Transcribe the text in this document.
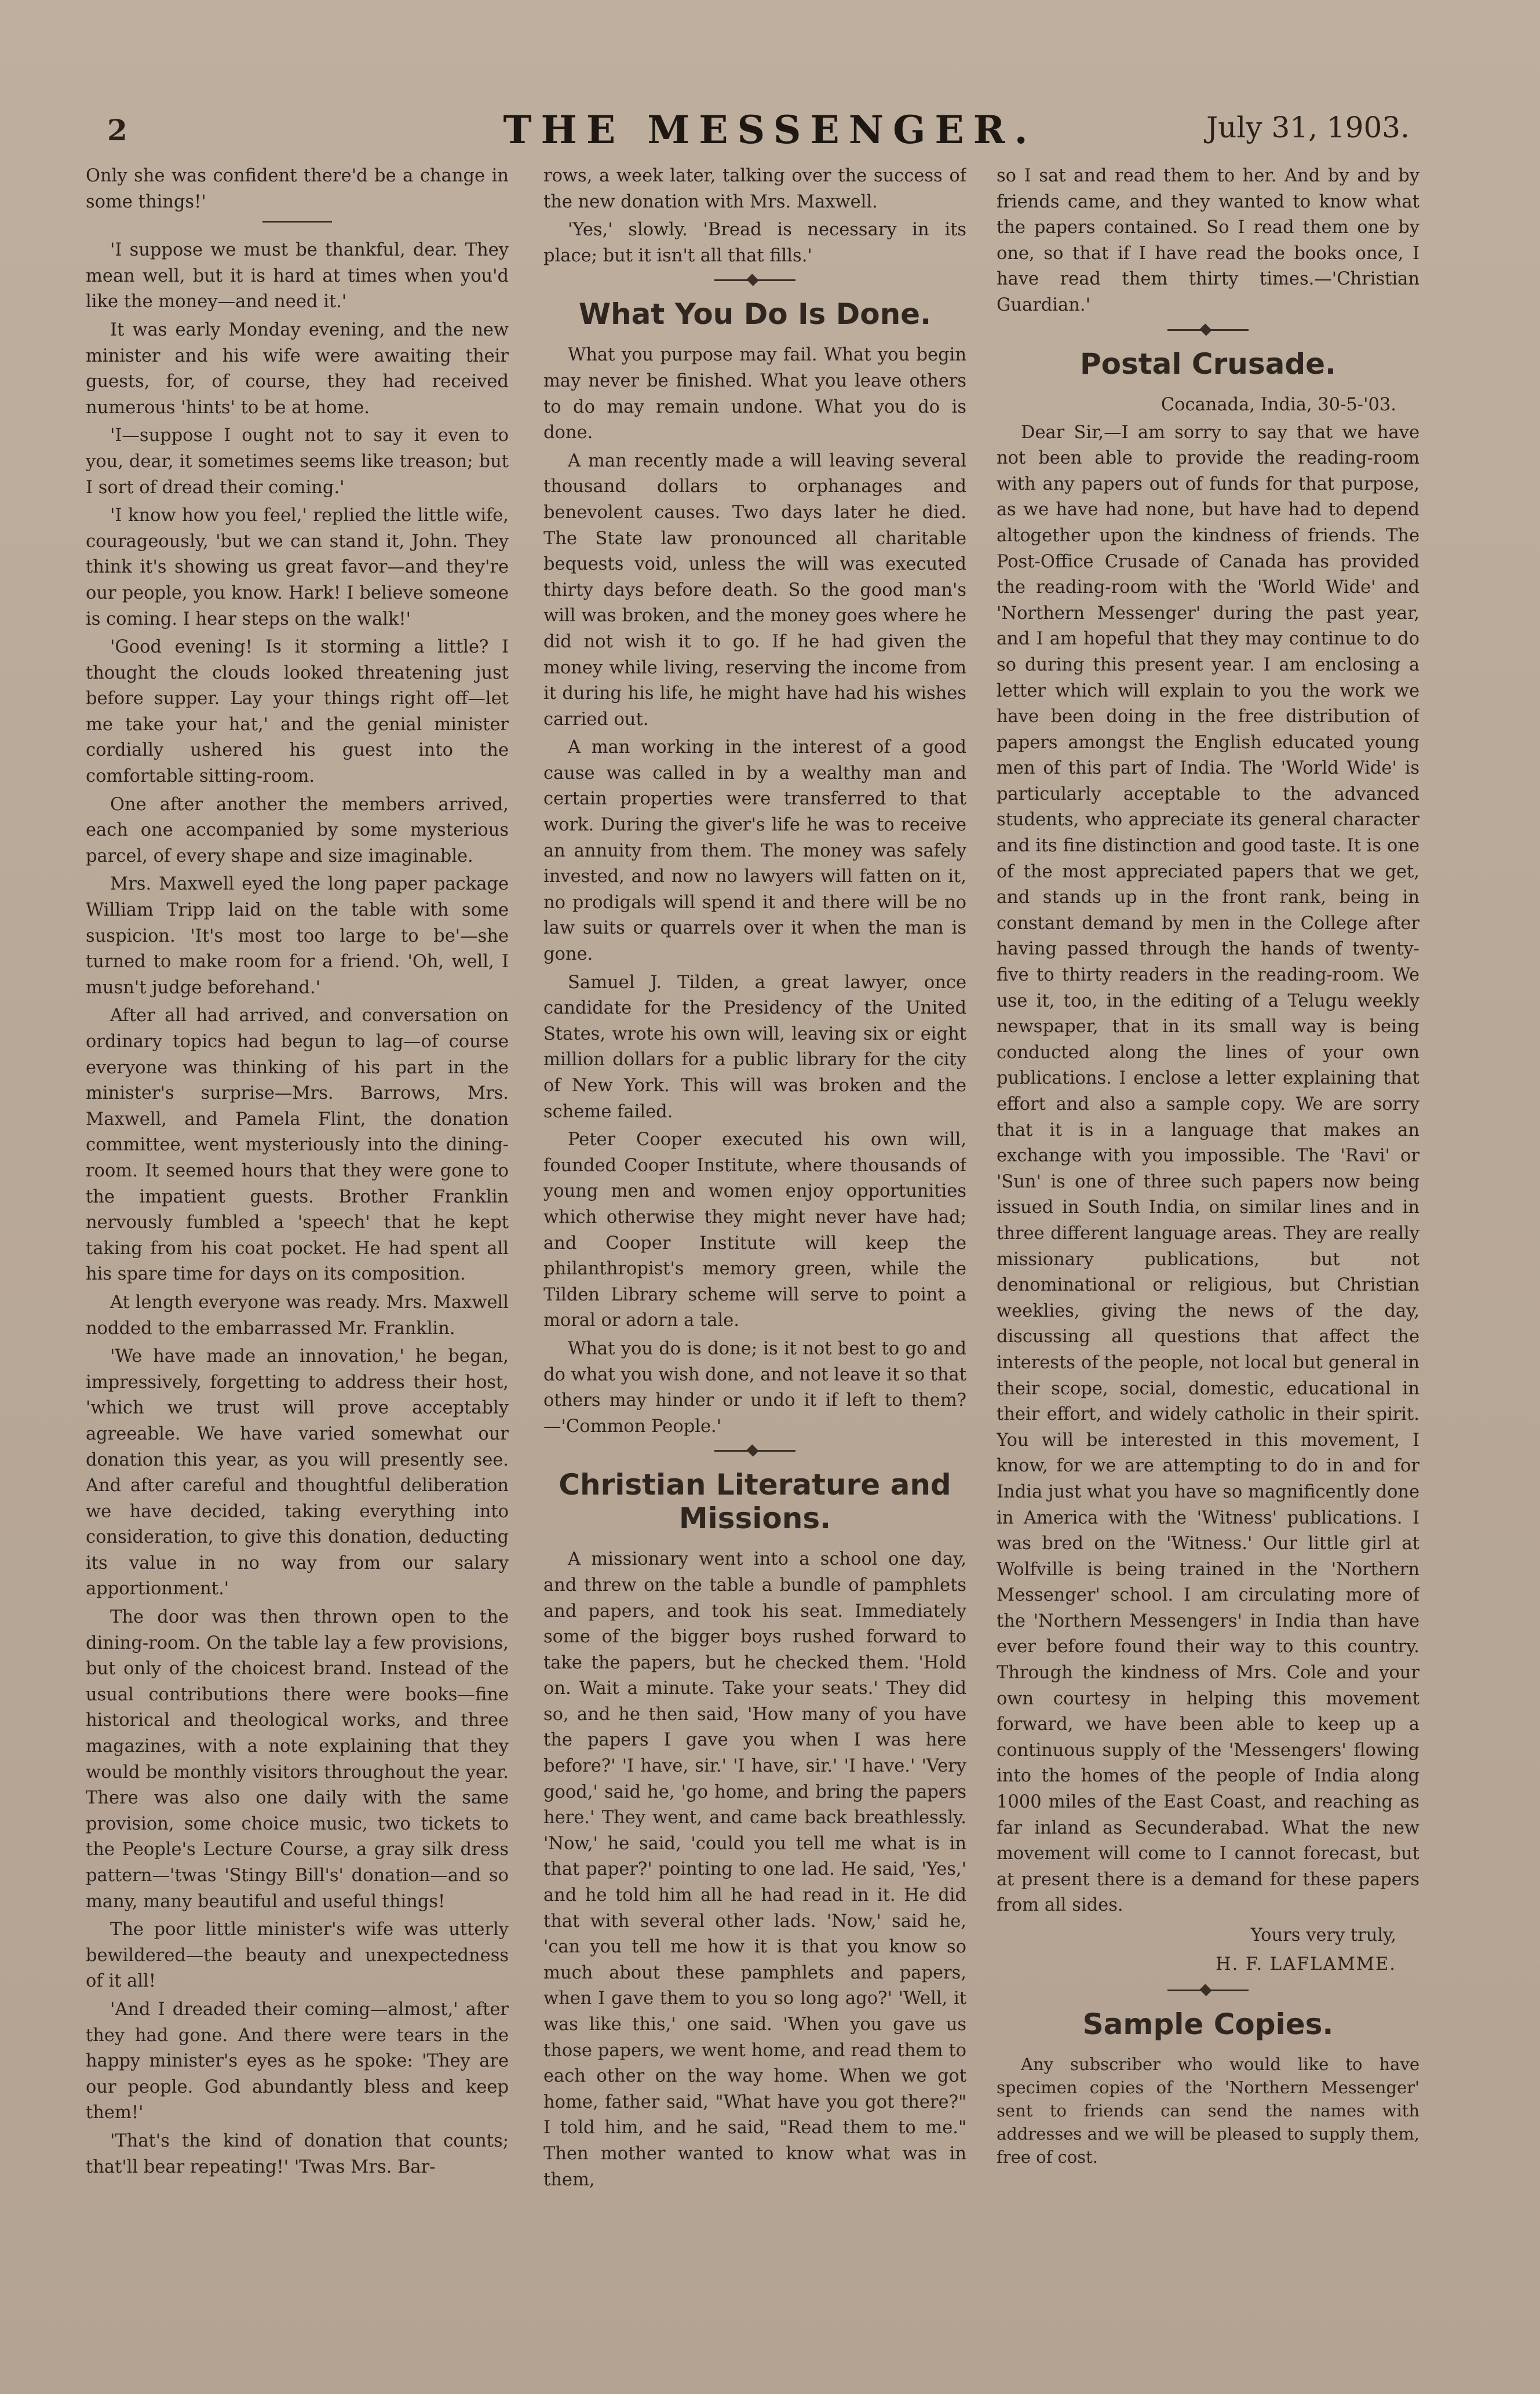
2	THE MESSENGER.	July 31, 1903.

Only she was confident there'd be a change in some things!'

'I suppose we must be thankful, dear. They mean well, but it is hard at times when you'd like the money—and need it.'

It was early Monday evening, and the new minister and his wife were awaiting their guests, for, of course, they had received numerous 'hints' to be at home.

'I—suppose I ought not to say it even to you, dear, it sometimes seems like treason; but I sort of dread their coming.'

'I know how you feel,' replied the little wife, courageously, 'but we can stand it, John. They think it's showing us great favor—and they're our people, you know. Hark! I believe someone is coming. I hear steps on the walk!'

'Good evening! Is it storming a little? I thought the clouds looked threatening just before supper. Lay your things right off—let me take your hat,' and the genial minister cordially ushered his guest into the comfortable sitting-room.

One after another the members arrived, each one accompanied by some mysterious parcel, of every shape and size imaginable.

Mrs. Maxwell eyed the long paper package William Tripp laid on the table with some suspicion. 'It's most too large to be'—she turned to make room for a friend. 'Oh, well, I musn't judge beforehand.'

After all had arrived, and conversation on ordinary topics had begun to lag—of course everyone was thinking of his part in the minister's surprise—Mrs. Barrows, Mrs. Maxwell, and Pamela Flint, the donation committee, went mysteriously into the dining-room. It seemed hours that they were gone to the impatient guests. Brother Franklin nervously fumbled a 'speech' that he kept taking from his coat pocket. He had spent all his spare time for days on its composition.

At length everyone was ready. Mrs. Maxwell nodded to the embarrassed Mr. Franklin.

'We have made an innovation,' he began, impressively, forgetting to address their host, 'which we trust will prove acceptably agreeable. We have varied somewhat our donation this year, as you will presently see. And after careful and thoughtful deliberation we have decided, taking everything into consideration, to give this donation, deducting its value in no way from our salary apportionment.'

The door was then thrown open to the dining-room. On the table lay a few provisions, but only of the choicest brand. Instead of the usual contributions there were books—fine historical and theological works, and three magazines, with a note explaining that they would be monthly visitors throughout the year. There was also one daily with the same provision, some choice music, two tickets to the People's Lecture Course, a gray silk dress pattern—'twas 'Stingy Bill's' donation—and so many, many beautiful and useful things!

The poor little minister's wife was utterly bewildered—the beauty and unexpectedness of it all!

'And I dreaded their coming—almost,' after they had gone. And there were tears in the happy minister's eyes as he spoke: 'They are our people. God abundantly bless and keep them!'

'That's the kind of donation that counts; that'll bear repeating!' 'Twas Mrs. Bar-

rows, a week later, talking over the success of the new donation with Mrs. Maxwell.

'Yes,' slowly. 'Bread is necessary in its place; but it isn't all that fills.'

What You Do Is Done.

What you purpose may fail. What you begin may never be finished. What you leave others to do may remain undone. What you do is done.

A man recently made a will leaving several thousand dollars to orphanages and benevolent causes. Two days later he died. The State law pronounced all charitable bequests void, unless the will was executed thirty days before death. So the good man's will was broken, and the money goes where he did not wish it to go. If he had given the money while living, reserving the income from it during his life, he might have had his wishes carried out.

A man working in the interest of a good cause was called in by a wealthy man and certain properties were transferred to that work. During the giver's life he was to receive an annuity from them. The money was safely invested, and now no lawyers will fatten on it, no prodigals will spend it and there will be no law suits or quarrels over it when the man is gone.

Samuel J. Tilden, a great lawyer, once candidate for the Presidency of the United States, wrote his own will, leaving six or eight million dollars for a public library for the city of New York. This will was broken and the scheme failed.

Peter Cooper executed his own will, founded Cooper Institute, where thousands of young men and women enjoy opportunities which otherwise they might never have had; and Cooper Institute will keep the philanthropist's memory green, while the Tilden Library scheme will serve to point a moral or adorn a tale.

What you do is done; is it not best to go and do what you wish done, and not leave it so that others may hinder or undo it if left to them?—'Common People.'

Christian Literature and Missions.

A missionary went into a school one day, and threw on the table a bundle of pamphlets and papers, and took his seat. Immediately some of the bigger boys rushed forward to take the papers, but he checked them. 'Hold on. Wait a minute. Take your seats.' They did so, and he then said, 'How many of you have the papers I gave you when I was here before?' 'I have, sir.' 'I have, sir.' 'I have.' 'Very good,' said he, 'go home, and bring the papers here.' They went, and came back breathlessly. 'Now,' he said, 'could you tell me what is in that paper?' pointing to one lad. He said, 'Yes,' and he told him all he had read in it. He did that with several other lads. 'Now,' said he, 'can you tell me how it is that you know so much about these pamphlets and papers, when I gave them to you so long ago?' 'Well, it was like this,' one said. 'When you gave us those papers, we went home, and read them to each other on the way home. When we got home, father said, "What have you got there?" I told him, and he said, "Read them to me." Then mother wanted to know what was in them,

so I sat and read them to her. And by and by friends came, and they wanted to know what the papers contained. So I read them one by one, so that if I have read the books once, I have read them thirty times.—'Christian Guardian.'

Postal Crusade.
Cocanada, India, 30-5-'03.

Dear Sir,—I am sorry to say that we have not been able to provide the reading-room with any papers out of funds for that purpose, as we have had none, but have had to depend altogether upon the kindness of friends. The Post-Office Crusade of Canada has provided the reading-room with the 'World Wide' and 'Northern Messenger' during the past year, and I am hopeful that they may continue to do so during this present year. I am enclosing a letter which will explain to you the work we have been doing in the free distribution of papers amongst the English educated young men of this part of India. The 'World Wide' is particularly acceptable to the advanced students, who appreciate its general character and its fine distinction and good taste. It is one of the most appreciated papers that we get, and stands up in the front rank, being in constant demand by men in the College after having passed through the hands of twenty-five to thirty readers in the reading-room. We use it, too, in the editing of a Telugu weekly newspaper, that in its small way is being conducted along the lines of your own publications. I enclose a letter explaining that effort and also a sample copy. We are sorry that it is in a language that makes an exchange with you impossible. The 'Ravi' or 'Sun' is one of three such papers now being issued in South India, on similar lines and in three different language areas. They are really missionary publications, but not denominational or religious, but Christian weeklies, giving the news of the day, discussing all questions that affect the interests of the people, not local but general in their scope, social, domestic, educational in their effort, and widely catholic in their spirit. You will be interested in this movement, I know, for we are attempting to do in and for India just what you have so magnificently done in America with the 'Witness' publications. I was bred on the 'Witness.' Our little girl at Wolfville is being trained in the 'Northern Messenger' school. I am circulating more of the 'Northern Messengers' in India than have ever before found their way to this country. Through the kindness of Mrs. Cole and your own courtesy in helping this movement forward, we have been able to keep up a continuous supply of the 'Messengers' flowing into the homes of the people of India along 1000 miles of the East Coast, and reaching as far inland as Secunderabad. What the new movement will come to I cannot forecast, but at present there is a demand for these papers from all sides.

Yours very truly,
H. F. LAFLAMME.
Sample Copies.

Any subscriber who would like to have specimen copies of the 'Northern Messenger' sent to friends can send the names with addresses and we will be pleased to supply them, free of cost.
